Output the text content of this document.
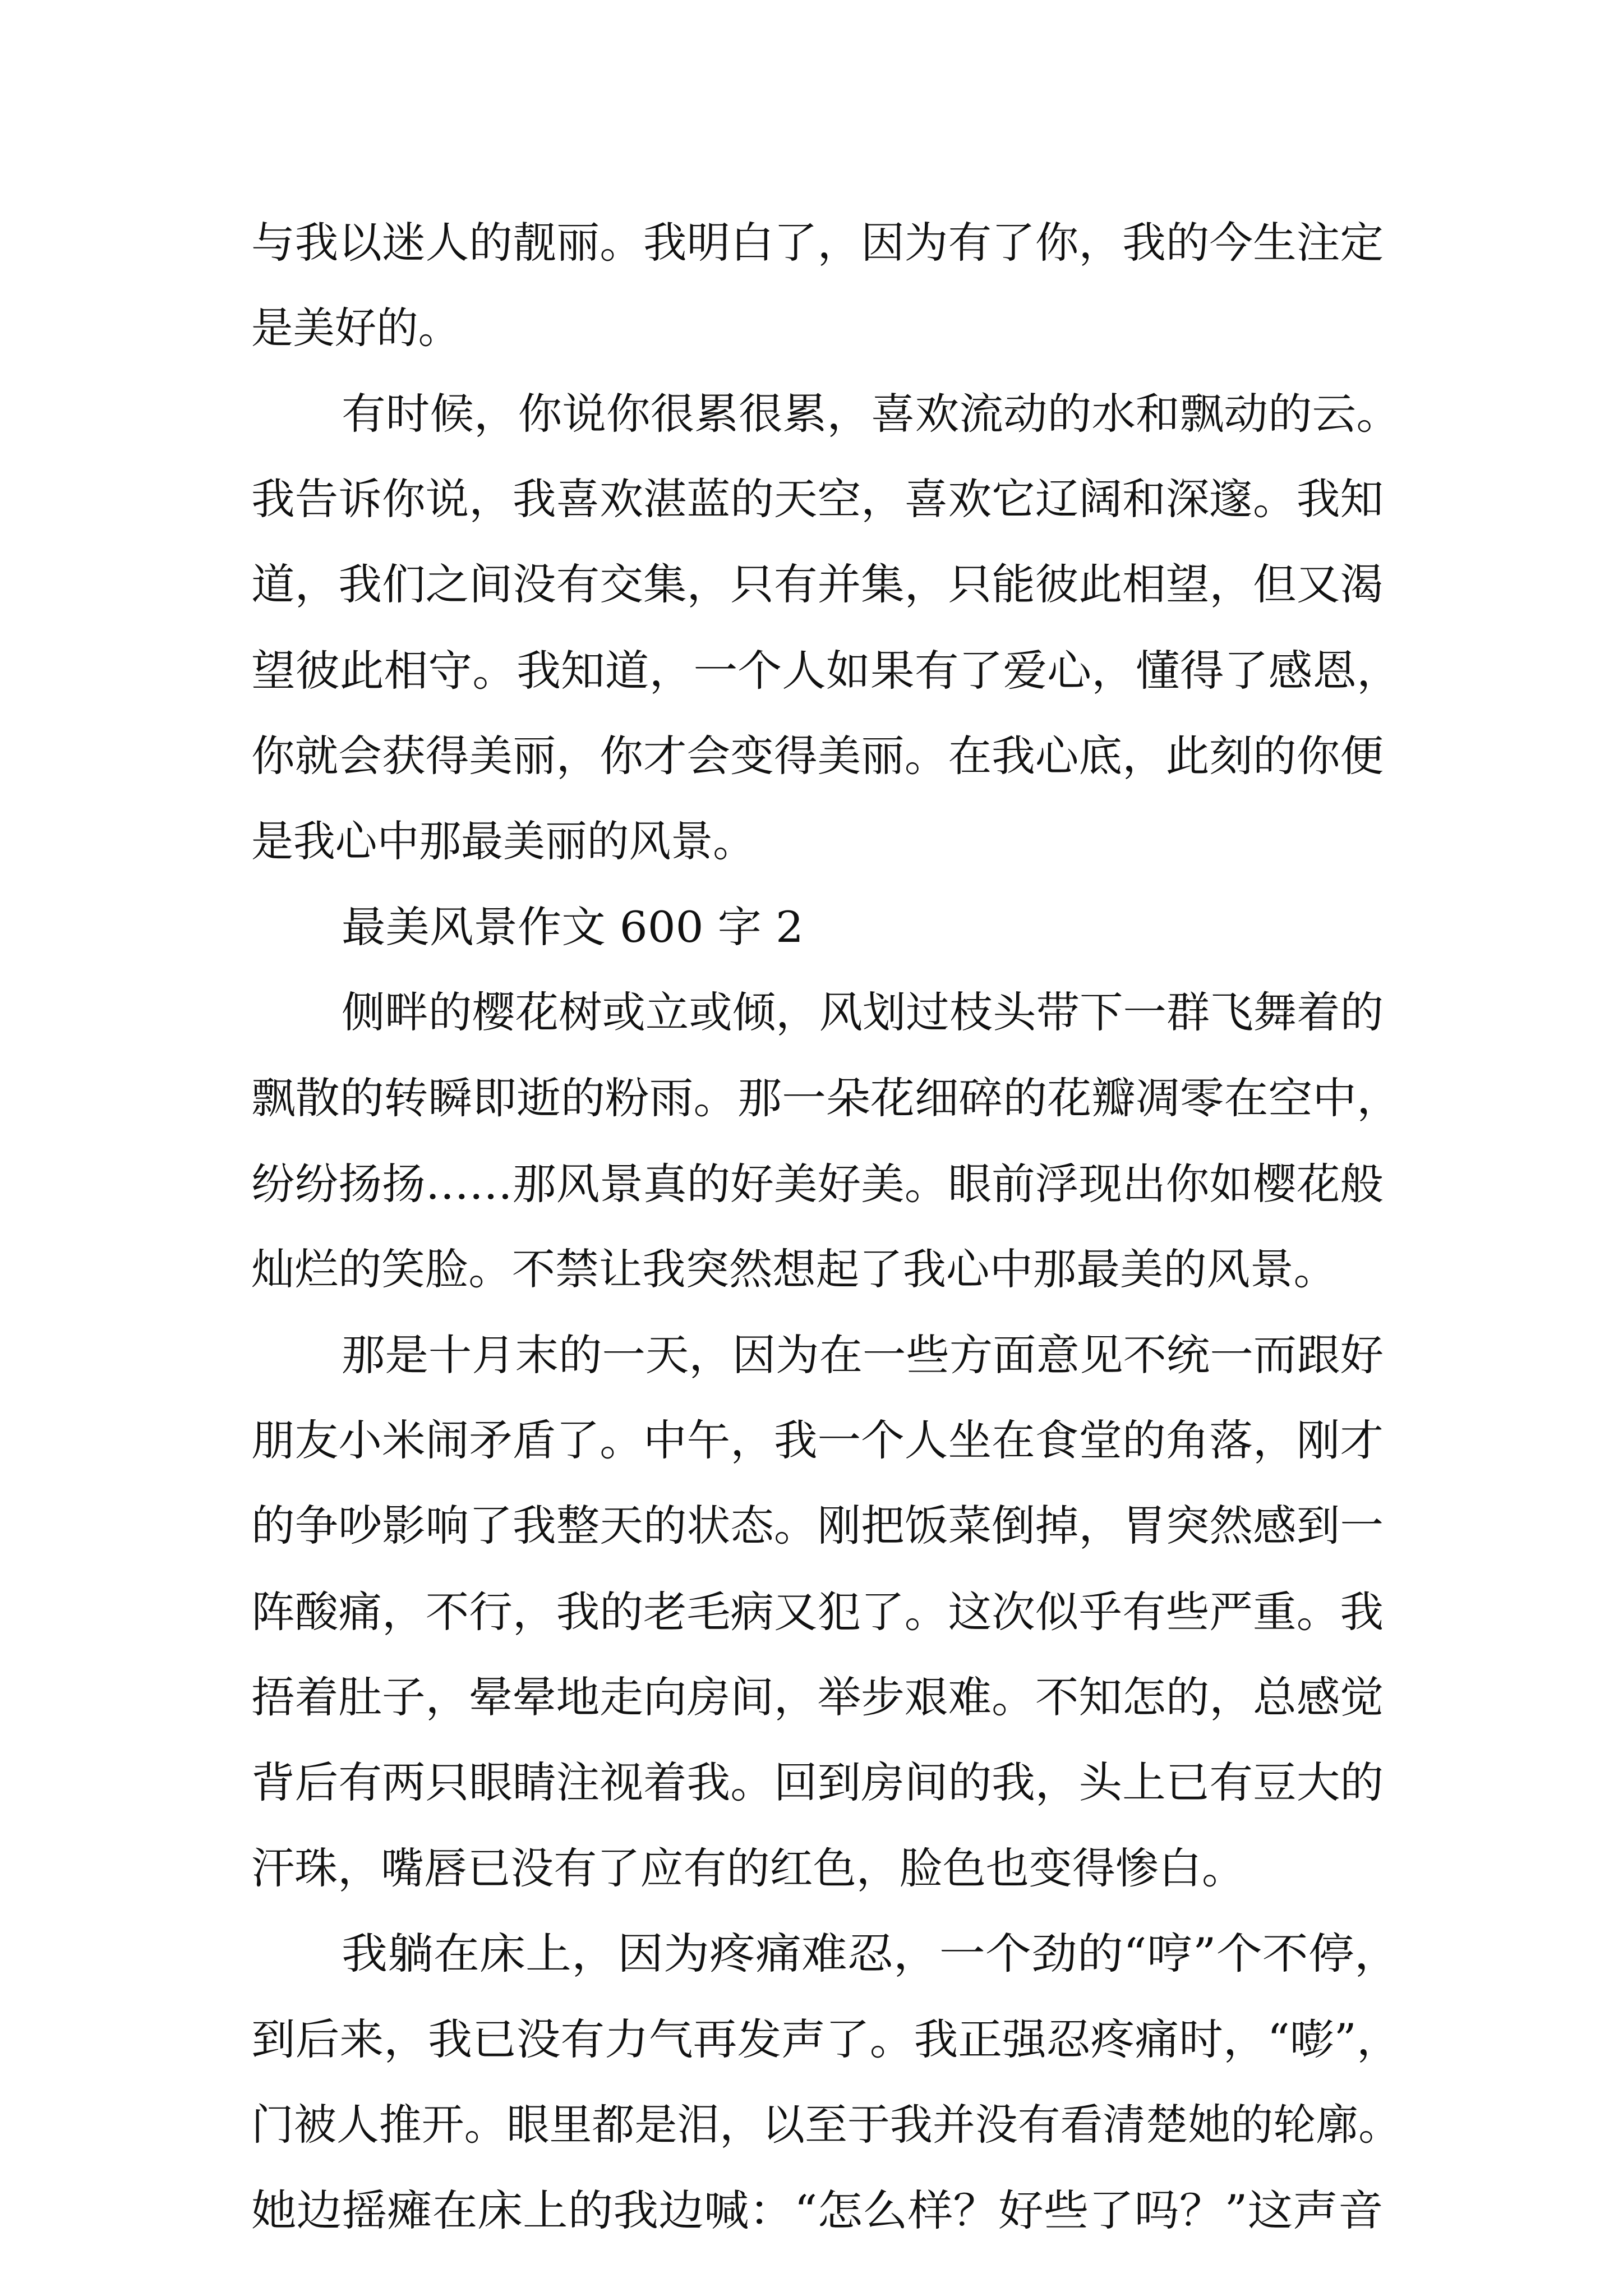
与我以迷人的靓丽。我明白了，因为有了你，我的今生注定
是美好的。
有时候，你说你很累很累，喜欢流动的水和飘动的云。
我告诉你说，我喜欢湛蓝的天空，喜欢它辽阔和深邃。我知
道，我们之间没有交集，只有并集，只能彼此相望，但又渴
望彼此相守。我知道，一个人如果有了爱心，懂得了感恩，
你就会获得美丽，你才会变得美丽。在我心底，此刻的你便
是我心中那最美丽的风景。
最美风景作文 600 字 2
侧畔的樱花树或立或倾，风划过枝头带下一群飞舞着的
飘散的转瞬即逝的粉雨。那一朵花细碎的花瓣凋零在空中，
纷纷扬扬……那风景真的好美好美。眼前浮现出你如樱花般
灿烂的笑脸。不禁让我突然想起了我心中那最美的风景。
那是十月末的一天，因为在一些方面意见不统一而跟好
朋友小米闹矛盾了。中午，我一个人坐在食堂的角落，刚才
的争吵影响了我整天的状态。刚把饭菜倒掉，胃突然感到一
阵酸痛，不行，我的老毛病又犯了。这次似乎有些严重。我
捂着肚子，晕晕地走向房间，举步艰难。不知怎的，总感觉
背后有两只眼睛注视着我。回到房间的我，头上已有豆大的
汗珠，嘴唇已没有了应有的红色，脸色也变得惨白。
我躺在床上，因为疼痛难忍，一个劲的“哼”个不停，
到后来，我已没有力气再发声了。我正强忍疼痛时，“嘭”，
门被人推开。眼里都是泪，以至于我并没有看清楚她的轮廓。
她边摇瘫在床上的我边喊：“怎么样？好些了吗？”这声音
